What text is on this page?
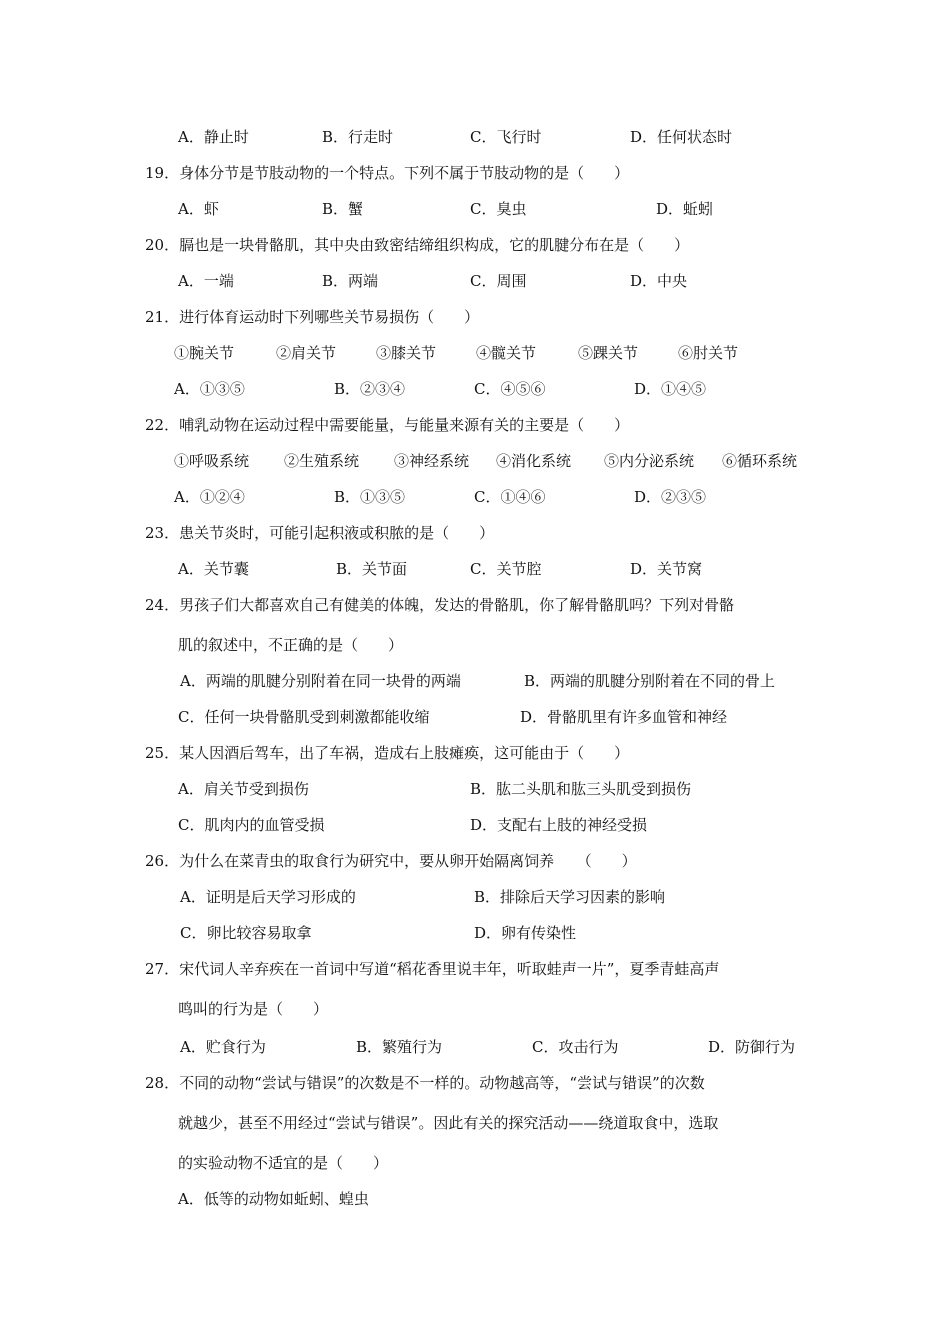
A．静止时	B．行走时	C．飞行时	D．任何状态时
19．身体分节是节肢动物的一个特点。下列不属于节肢动物的是（　　）
A．虾	B．蟹	C．臭虫	D．蚯蚓
20．膈也是一块骨骼肌，其中央由致密结缔组织构成，它的肌腱分布在是（　　）
A．一端	B．两端	C．周围	D．中央
21．进行体育运动时下列哪些关节易损伤（　　）
①腕关节	②肩关节	③膝关节	④髋关节	⑤踝关节	⑥肘关节
A．①③⑤	B．②③④	C．④⑤⑥	D．①④⑤
22．哺乳动物在运动过程中需要能量，与能量来源有关的主要是（　　）
①呼吸系统 ②生殖系统 ③神经系统 ④消化系统 ⑤内分泌系统 ⑥循环系统
A．①②④	B．①③⑤	C．①④⑥	D．②③⑤
23．患关节炎时，可能引起积液或积脓的是（　　）
A．关节囊	B．关节面	C．关节腔	D．关节窝
24．男孩子们大都喜欢自己有健美的体魄，发达的骨骼肌，你了解骨骼肌吗？下列对骨骼
肌的叙述中，不正确的是（　　）
A．两端的肌腱分别附着在同一块骨的两端	B．两端的肌腱分别附着在不同的骨上
C．任何一块骨骼肌受到刺激都能收缩	D．骨骼肌里有许多血管和神经
25．某人因酒后驾车，出了车祸，造成右上肢瘫痪，这可能由于（　　）
A．肩关节受到损伤	B．肱二头肌和肱三头肌受到损伤
C．肌肉内的血管受损	D．支配右上肢的神经受损
26．为什么在菜青虫的取食行为研究中，要从卵开始隔离饲养　　（　　）
A．证明是后天学习形成的	B．排除后天学习因素的影响
C．卵比较容易取拿	D．卵有传染性
27．宋代词人辛弃疾在一首词中写道“稻花香里说丰年，听取蛙声一片”，夏季青蛙高声
鸣叫的行为是（　　）
A．贮食行为	B．繁殖行为	C．攻击行为	D．防御行为
28．不同的动物“尝试与错误”的次数是不一样的。动物越高等，“尝试与错误”的次数
就越少，甚至不用经过“尝试与错误”。因此有关的探究活动——绕道取食中，选取
的实验动物不适宜的是（　　）
A．低等的动物如蚯蚓、蝗虫
